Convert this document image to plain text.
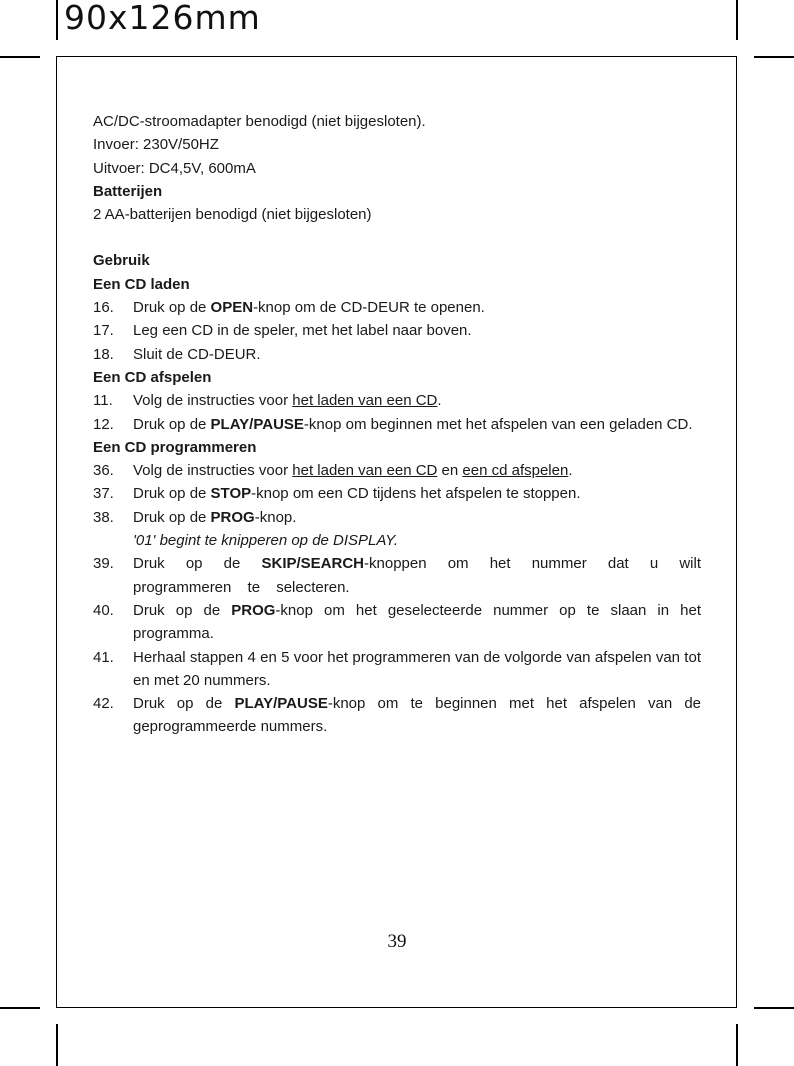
90x126mm

AC/DC-stroomadapter benodigd (niet bijgesloten).

Invoer: 230V/50HZ

Uitvoer: DC4,5V, 600mA

Batterijen

2 AA-batterijen benodigd (niet bijgesloten)

Gebruik

Een CD laden

16.	Druk op de OPEN-knop om de CD-DEUR te openen.
17.	Leg een CD in de speler, met het label naar boven.
18.	Sluit de CD-DEUR.

Een CD afspelen

11.	Volg de instructies voor het laden van een CD.
12.	Druk op de PLAY/PAUSE-knop om beginnen met het afspelen van een geladen CD.

Een CD programmeren

36.	Volg de instructies voor het laden van een CD en een cd afspelen.
37.	Druk op de STOP-knop om een CD tijdens het afspelen te stoppen.
38.	Druk op de PROG-knop.

'01' begint te knipperen op de DISPLAY.

39.	Druk op de SKIP/SEARCH-knoppen om het nummer dat u wilt programmeren te selecteren.
40.	Druk op de PROG-knop om het geselecteerde nummer op te slaan in het programma.
41.	Herhaal stappen 4 en 5 voor het programmeren van de volgorde van afspelen van tot en met 20 nummers.
42.	Druk op de PLAY/PAUSE-knop om te beginnen met het afspelen van de geprogrammeerde nummers.
39
